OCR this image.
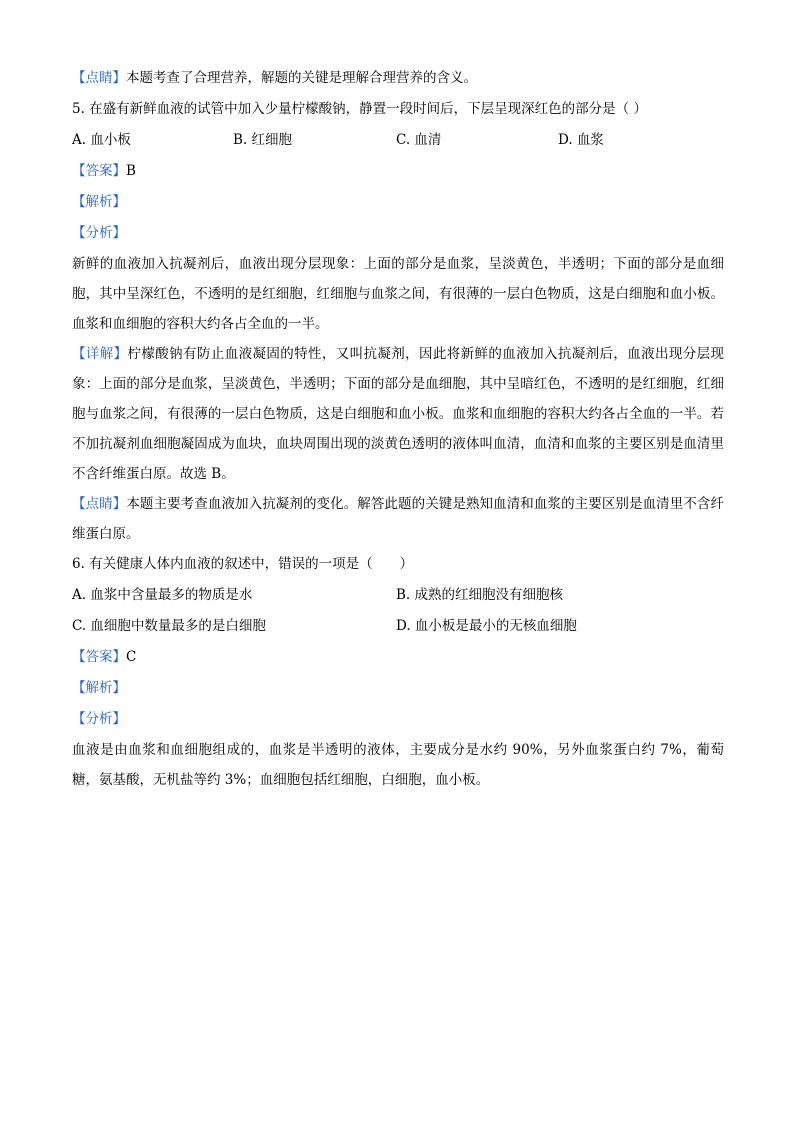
【点睛】本题考查了合理营养，解题的关键是理解合理营养的含义。
5. 在盛有新鲜血液的试管中加入少量柠檬酸钠，静置一段时间后，下层呈现深红色的部分是（ ）
A. 血小板	B. 红细胞	C. 血清	D. 血浆
【答案】B
【解析】
【分析】
新鲜的血液加入抗凝剂后，血液出现分层现象：上面的部分是血浆，呈淡黄色，半透明；下面的部分是血细胞，其中呈深红色，不透明的是红细胞，红细胞与血浆之间，有很薄的一层白色物质，这是白细胞和血小板。血浆和血细胞的容积大约各占全血的一半。
【详解】柠檬酸钠有防止血液凝固的特性，又叫抗凝剂，因此将新鲜的血液加入抗凝剂后，血液出现分层现象：上面的部分是血浆，呈淡黄色，半透明；下面的部分是血细胞，其中呈暗红色，不透明的是红细胞，红细胞与血浆之间，有很薄的一层白色物质，这是白细胞和血小板。血浆和血细胞的容积大约各占全血的一半。若不加抗凝剂血细胞凝固成为血块，血块周围出现的淡黄色透明的液体叫血清，血清和血浆的主要区别是血清里不含纤维蛋白原。故选 B。
【点睛】本题主要考查血液加入抗凝剂的变化。解答此题的关键是熟知血清和血浆的主要区别是血清里不含纤维蛋白原。
6. 有关健康人体内血液的叙述中，错误的一项是（　　）
A. 血浆中含量最多的物质是水	B. 成熟的红细胞没有细胞核
C. 血细胞中数量最多的是白细胞	D. 血小板是最小的无核血细胞
【答案】C
【解析】
【分析】
血液是由血浆和血细胞组成的，血浆是半透明的液体，主要成分是水约 90%，另外血浆蛋白约 7%，葡萄糖，氨基酸，无机盐等约 3%；血细胞包括红细胞，白细胞，血小板。
